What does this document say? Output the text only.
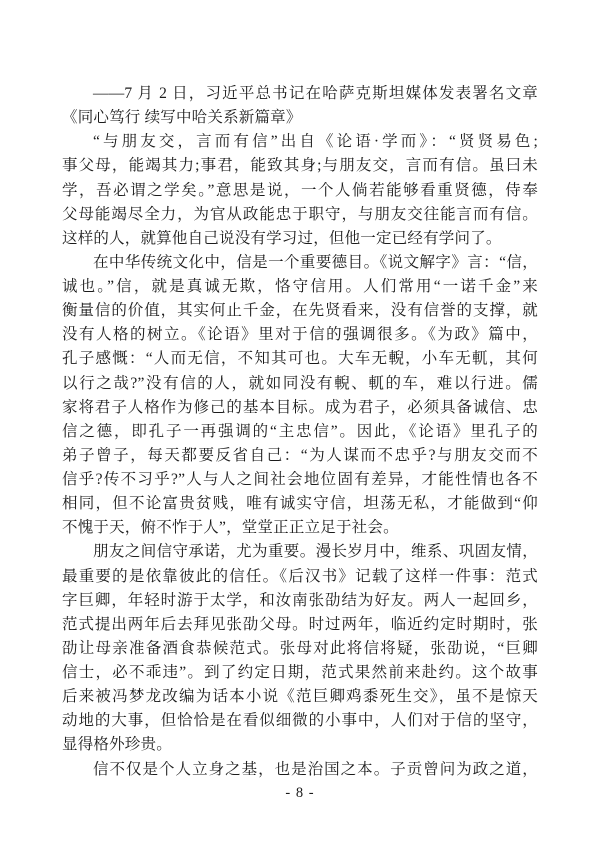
——7 月 2 日，习近平总书记在哈萨克斯坦媒体发表署名文章
《同心笃行 续写中哈关系新篇章》
“与朋友交，言而有信”出自《论语·学而》：“贤贤易色;
事父母，能竭其力;事君，能致其身;与朋友交，言而有信。虽曰未
学，吾必谓之学矣。”意思是说，一个人倘若能够看重贤德，侍奉
父母能竭尽全力，为官从政能忠于职守，与朋友交往能言而有信。
这样的人，就算他自己说没有学习过，但他一定已经有学问了。
在中华传统文化中，信是一个重要德目。《说文解字》言：“信，
诚也。”信，就是真诚无欺，恪守信用。人们常用“一诺千金”来
衡量信的价值，其实何止千金，在先贤看来，没有信誉的支撑，就
没有人格的树立。《论语》里对于信的强调很多。《为政》篇中，
孔子感慨：“人而无信，不知其可也。大车无輗，小车无軏，其何
以行之哉?”没有信的人，就如同没有輗、軏的车，难以行进。儒
家将君子人格作为修己的基本目标。成为君子，必须具备诚信、忠
信之德，即孔子一再强调的“主忠信”。因此，《论语》里孔子的
弟子曾子，每天都要反省自己：“为人谋而不忠乎?与朋友交而不
信乎?传不习乎?”人与人之间社会地位固有差异，才能性情也各不
相同，但不论富贵贫贱，唯有诚实守信，坦荡无私，才能做到“仰
不愧于天，俯不怍于人”，堂堂正正立足于社会。
朋友之间信守承诺，尤为重要。漫长岁月中，维系、巩固友情，
最重要的是依靠彼此的信任。《后汉书》记载了这样一件事：范式
字巨卿，年轻时游于太学，和汝南张劭结为好友。两人一起回乡，
范式提出两年后去拜见张劭父母。时过两年，临近约定时期时，张
劭让母亲准备酒食恭候范式。张母对此将信将疑，张劭说，“巨卿
信士，必不乖违”。到了约定日期，范式果然前来赴约。这个故事
后来被冯梦龙改编为话本小说《范巨卿鸡黍死生交》，虽不是惊天
动地的大事，但恰恰是在看似细微的小事中，人们对于信的坚守，
显得格外珍贵。
信不仅是个人立身之基，也是治国之本。子贡曾问为政之道，
- 8 -
